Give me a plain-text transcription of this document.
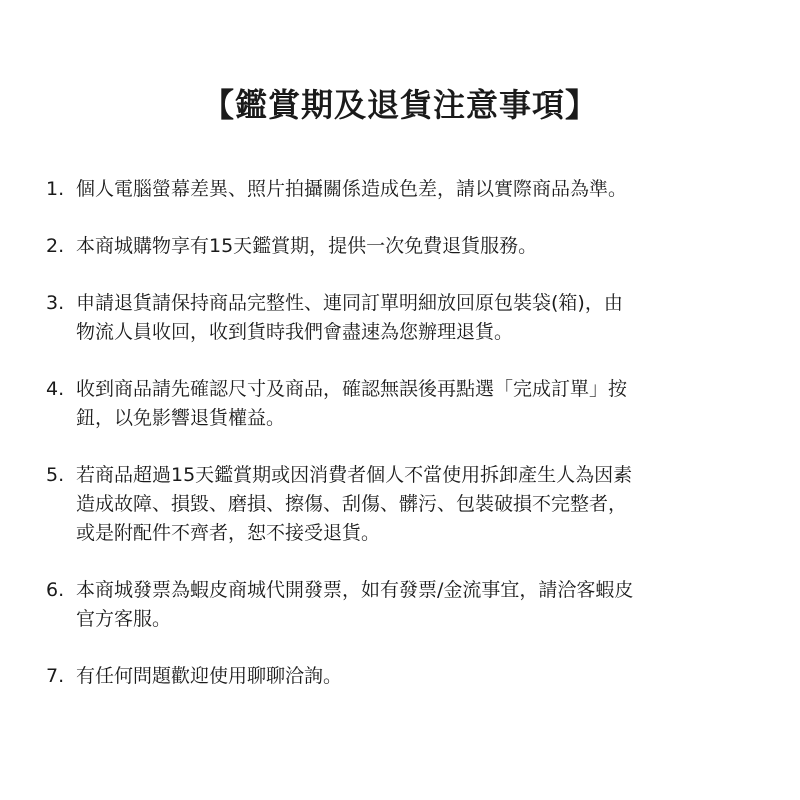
【鑑賞期及退貨注意事項】
1. 個人電腦螢幕差異、照片拍攝關係造成色差，請以實際商品為準。
2. 本商城購物享有15天鑑賞期，提供一次免費退貨服務。
3. 申請退貨請保持商品完整性、連同訂單明細放回原包裝袋(箱)，由
物流人員收回，收到貨時我們會盡速為您辦理退貨。
4. 收到商品請先確認尺寸及商品，確認無誤後再點選「完成訂單」按
鈕，以免影響退貨權益。
5. 若商品超過15天鑑賞期或因消費者個人不當使用拆卸產生人為因素
造成故障、損毀、磨損、擦傷、刮傷、髒污、包裝破損不完整者，
或是附配件不齊者，恕不接受退貨。
6. 本商城發票為蝦皮商城代開發票，如有發票/金流事宜，請洽客蝦皮
官方客服。
7. 有任何問題歡迎使用聊聊洽詢。
